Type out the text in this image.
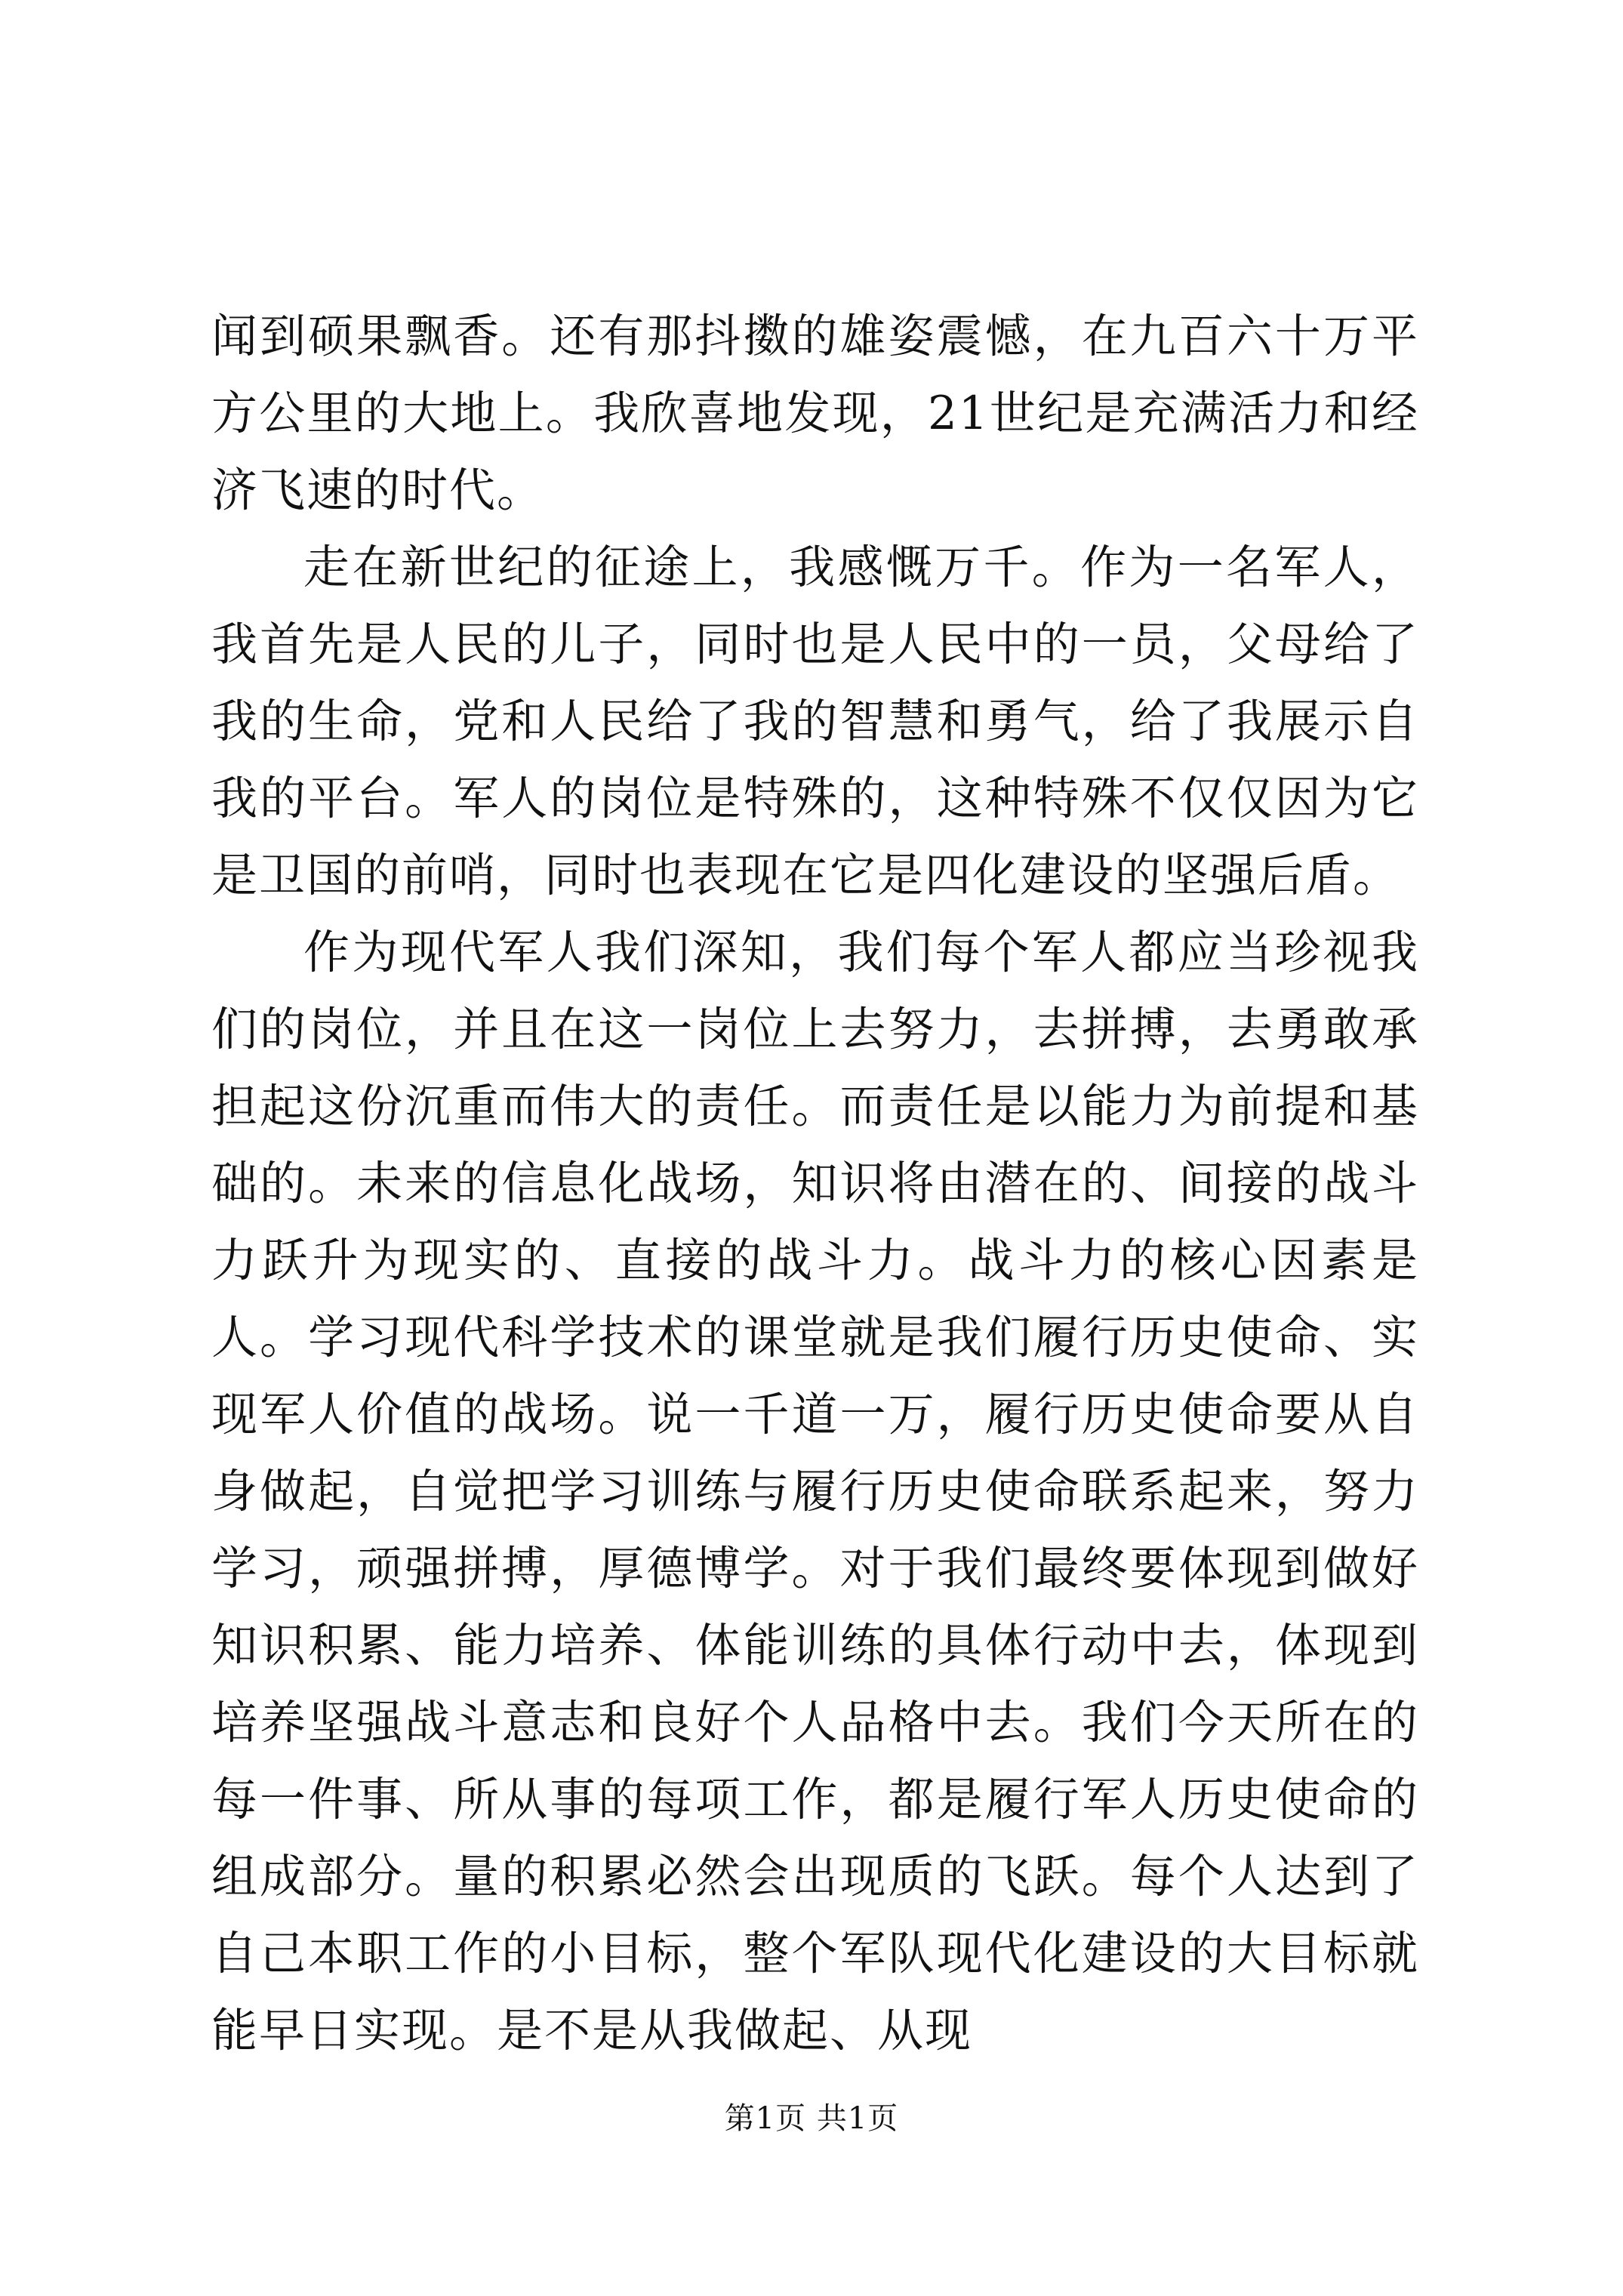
闻到硕果飘香。还有那抖擞的雄姿震憾，在九百六十万平方公里的大地上。我欣喜地发现，21世纪是充满活力和经济飞速的时代。

走在新世纪的征途上，我感慨万千。作为一名军人，我首先是人民的儿子，同时也是人民中的一员，父母给了我的生命，党和人民给了我的智慧和勇气，给了我展示自我的平台。军人的岗位是特殊的，这种特殊不仅仅因为它是卫国的前哨，同时也表现在它是四化建设的坚强后盾。

作为现代军人我们深知，我们每个军人都应当珍视我们的岗位，并且在这一岗位上去努力，去拼搏，去勇敢承担起这份沉重而伟大的责任。而责任是以能力为前提和基础的。未来的信息化战场，知识将由潜在的、间接的战斗力跃升为现实的、直接的战斗力。战斗力的核心因素是人。学习现代科学技术的课堂就是我们履行历史使命、实现军人价值的战场。说一千道一万，履行历史使命要从自身做起，自觉把学习训练与履行历史使命联系起来，努力学习，顽强拼搏，厚德博学。对于我们最终要体现到做好知识积累、能力培养、体能训练的具体行动中去，体现到培养坚强战斗意志和良好个人品格中去。我们今天所在的每一件事、所从事的每项工作，都是履行军人历史使命的组成部分。量的积累必然会出现质的飞跃。每个人达到了自己本职工作的小目标，整个军队现代化建设的大目标就能早日实现。是不是从我做起、从现

第1页 共1页
